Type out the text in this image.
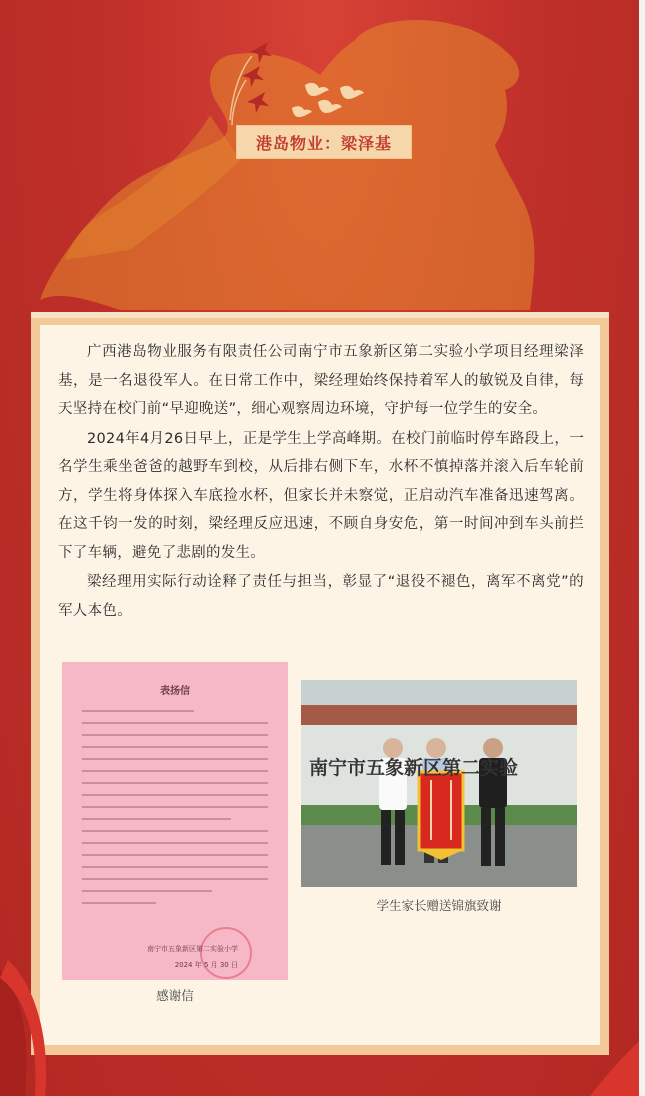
港岛物业：梁泽基

广西港岛物业服务有限责任公司南宁市五象新区第二实验小学项目经理梁泽基，是一名退役军人。在日常工作中，梁经理始终保持着军人的敏锐及自律，每天坚持在校门前“早迎晚送”，细心观察周边环境，守护每一位学生的安全。

2024年4月26日早上，正是学生上学高峰期。在校门前临时停车路段上，一名学生乘坐爸爸的越野车到校，从后排右侧下车，水杯不慎掉落并滚入后车轮前方，学生将身体探入车底捡水杯，但家长并未察觉，正启动汽车准备迅速驾离。在这千钧一发的时刻，梁经理反应迅速，不顾自身安危，第一时间冲到车头前拦下了车辆，避免了悲剧的发生。

梁经理用实际行动诠释了责任与担当，彰显了“退役不褪色，离军不离党”的军人本色。

表扬信
南宁市五象新区第二实验小学
2024 年 5 月 30 日
感谢信
南宁市五象新区第二实验
学生家长赠送锦旗致谢
